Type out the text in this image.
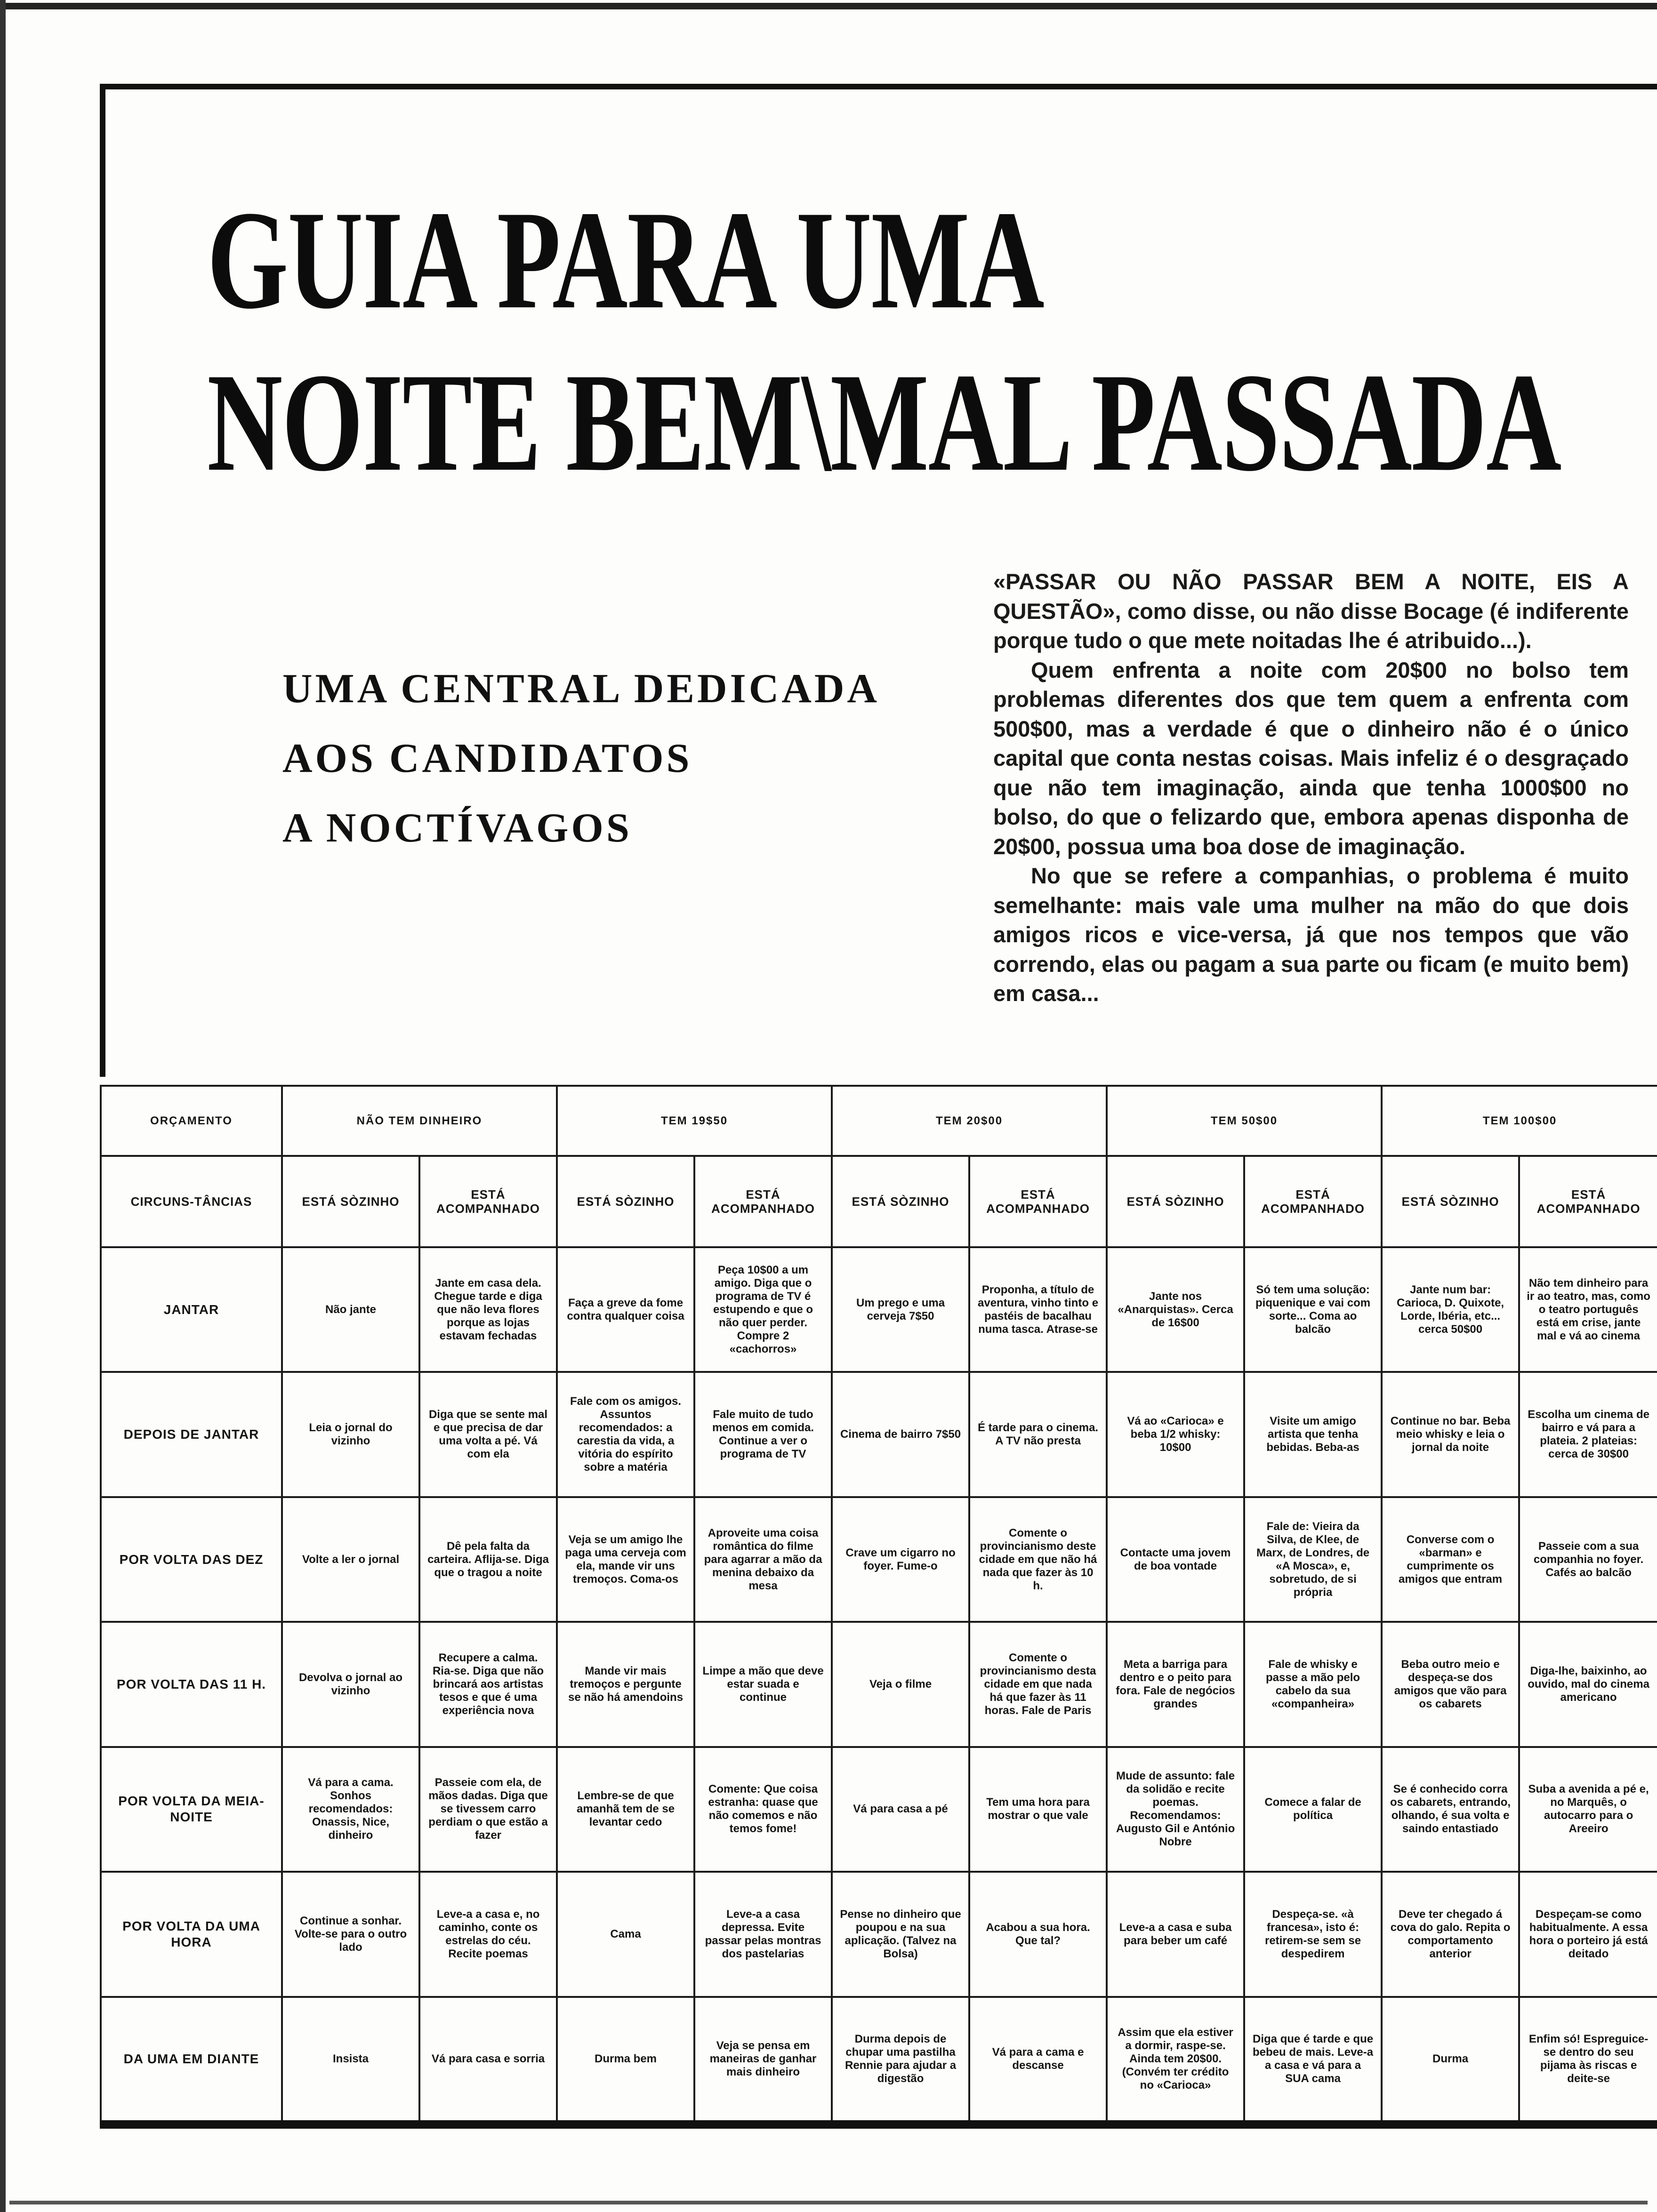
GUIA PARA UMA
NOITE BEM\MAL PASSADA
UMA CENTRAL DEDICADA
AOS CANDIDATOS
A NOCTÍVAGOS

«PASSAR OU NÃO PASSAR BEM A NOITE, EIS A QUESTÃO», como disse, ou não disse Bocage (é indiferente porque tudo o que mete noitadas lhe é atribuido...).

Quem enfrenta a noite com 20$00 no bolso tem problemas diferentes dos que tem quem a enfrenta com 500$00, mas a verdade é que o dinheiro não é o único capital que conta nestas coisas. Mais infeliz é o desgraçado que não tem imaginação, ainda que tenha 1000$00 no bolso, do que o felizardo que, embora apenas disponha de 20$00, possua uma boa dose de imaginação.

No que se refere a companhias, o problema é muito semelhante: mais vale uma mulher na mão do que dois amigos ricos e vice-versa, já que nos tempos que vão correndo, elas ou pagam a sua parte ou ficam (e muito bem) em casa...

ORÇAMENTO	NÃO TEM DINHEIRO		TEM 19$50		TEM 20$00		TEM 50$00		TEM 100$00	
CIRCUNS-TÂNCIAS	ESTÁ SÒZINHO	ESTÁ ACOMPANHADO	ESTÁ SÒZINHO	ESTÁ ACOMPANHADO	ESTÁ SÒZINHO	ESTÁ ACOMPANHADO	ESTÁ SÒZINHO	ESTÁ ACOMPANHADO	ESTÁ SÒZINHO	ESTÁ ACOMPANHADO
JANTAR	Não jante	Jante em casa dela. Chegue tarde e diga que não leva flores porque as lojas estavam fechadas	Faça a greve da fome contra qualquer coisa	Peça 10$00 a um amigo. Diga que o programa de TV é estupendo e que o não quer perder. Compre 2 «cachorros»	Um prego e uma cerveja 7$50	Proponha, a título de aventura, vinho tinto e pastéis de bacalhau numa tasca. Atrase-se	Jante nos «Anarquistas». Cerca de 16$00	Só tem uma solução: piquenique e vai com sorte... Coma ao balcão	Jante num bar: Carioca, D. Quixote, Lorde, Ibéria, etc... cerca 50$00	Não tem dinheiro para ir ao teatro, mas, como o teatro português está em crise, jante mal e vá ao cinema
DEPOIS DE JANTAR	Leia o jornal do vizinho	Diga que se sente mal e que precisa de dar uma volta a pé. Vá com ela	Fale com os amigos. Assuntos recomendados: a carestia da vida, a vitória do espírito sobre a matéria	Fale muito de tudo menos em comida. Continue a ver o programa de TV	Cinema de bairro 7$50	É tarde para o cinema. A TV não presta	Vá ao «Carioca» e beba 1/2 whisky: 10$00	Visite um amigo artista que tenha bebidas. Beba-as	Continue no bar. Beba meio whisky e leia o jornal da noite	Escolha um cinema de bairro e vá para a plateia. 2 plateias: cerca de 30$00
POR VOLTA DAS DEZ	Volte a ler o jornal	Dê pela falta da carteira. Aflija-se. Diga que o tragou a noite	Veja se um amigo lhe paga uma cerveja com ela, mande vir uns tremoços. Coma-os	Aproveite uma coisa romântica do filme para agarrar a mão da menina debaixo da mesa	Crave um cigarro no foyer. Fume-o	Comente o provincianismo deste cidade em que não há nada que fazer às 10 h.	Contacte uma jovem de boa vontade	Fale de: Vieira da Silva, de Klee, de Marx, de Londres, de «A Mosca», e, sobretudo, de si própria	Converse com o «barman» e cumprimente os amigos que entram	Passeie com a sua companhia no foyer. Cafés ao balcão
POR VOLTA DAS 11 H.	Devolva o jornal ao vizinho	Recupere a calma. Ria-se. Diga que não brincará aos artistas tesos e que é uma experiência nova	Mande vir mais tremoços e pergunte se não há amendoins	Limpe a mão que deve estar suada e continue	Veja o filme	Comente o provincianismo desta cidade em que nada há que fazer às 11 horas. Fale de Paris	Meta a barriga para dentro e o peito para fora. Fale de negócios grandes	Fale de whisky e passe a mão pelo cabelo da sua «companheira»	Beba outro meio e despeça-se dos amigos que vão para os cabarets	Diga-lhe, baixinho, ao ouvido, mal do cinema americano
POR VOLTA DA MEIA-NOITE	Vá para a cama. Sonhos recomendados: Onassis, Nice, dinheiro	Passeie com ela, de mãos dadas. Diga que se tivessem carro perdiam o que estão a fazer	Lembre-se de que amanhã tem de se levantar cedo	Comente: Que coisa estranha: quase que não comemos e não temos fome!	Vá para casa a pé	Tem uma hora para mostrar o que vale	Mude de assunto: fale da solidão e recite poemas. Recomendamos: Augusto Gil e António Nobre	Comece a falar de política	Se é conhecido corra os cabarets, entrando, olhando, é sua volta e saindo entastiado	Suba a avenida a pé e, no Marquês, o autocarro para o Areeiro
POR VOLTA DA UMA HORA	Continue a sonhar. Volte-se para o outro lado	Leve-a a casa e, no caminho, conte os estrelas do céu. Recite poemas	Cama	Leve-a a casa depressa. Evite passar pelas montras dos pastelarias	Pense no dinheiro que poupou e na sua aplicação. (Talvez na Bolsa)	Acabou a sua hora. Que tal?	Leve-a a casa e suba para beber um café	Despeça-se. «à francesa», isto é: retirem-se sem se despedirem	Deve ter chegado á cova do galo. Repita o comportamento anterior	Despeçam-se como habitualmente. A essa hora o porteiro já está deitado
DA UMA EM DIANTE	Insista	Vá para casa e sorria	Durma bem	Veja se pensa em maneiras de ganhar mais dinheiro	Durma depois de chupar uma pastilha Rennie para ajudar a digestão	Vá para a cama e descanse	Assim que ela estiver a dormir, raspe-se. Ainda tem 20$00. (Convém ter crédito no «Carioca»	Diga que é tarde e que bebeu de mais. Leve-a a casa e vá para a SUA cama	Durma	Enfim só! Espreguice-se dentro do seu pijama às riscas e deite-se
